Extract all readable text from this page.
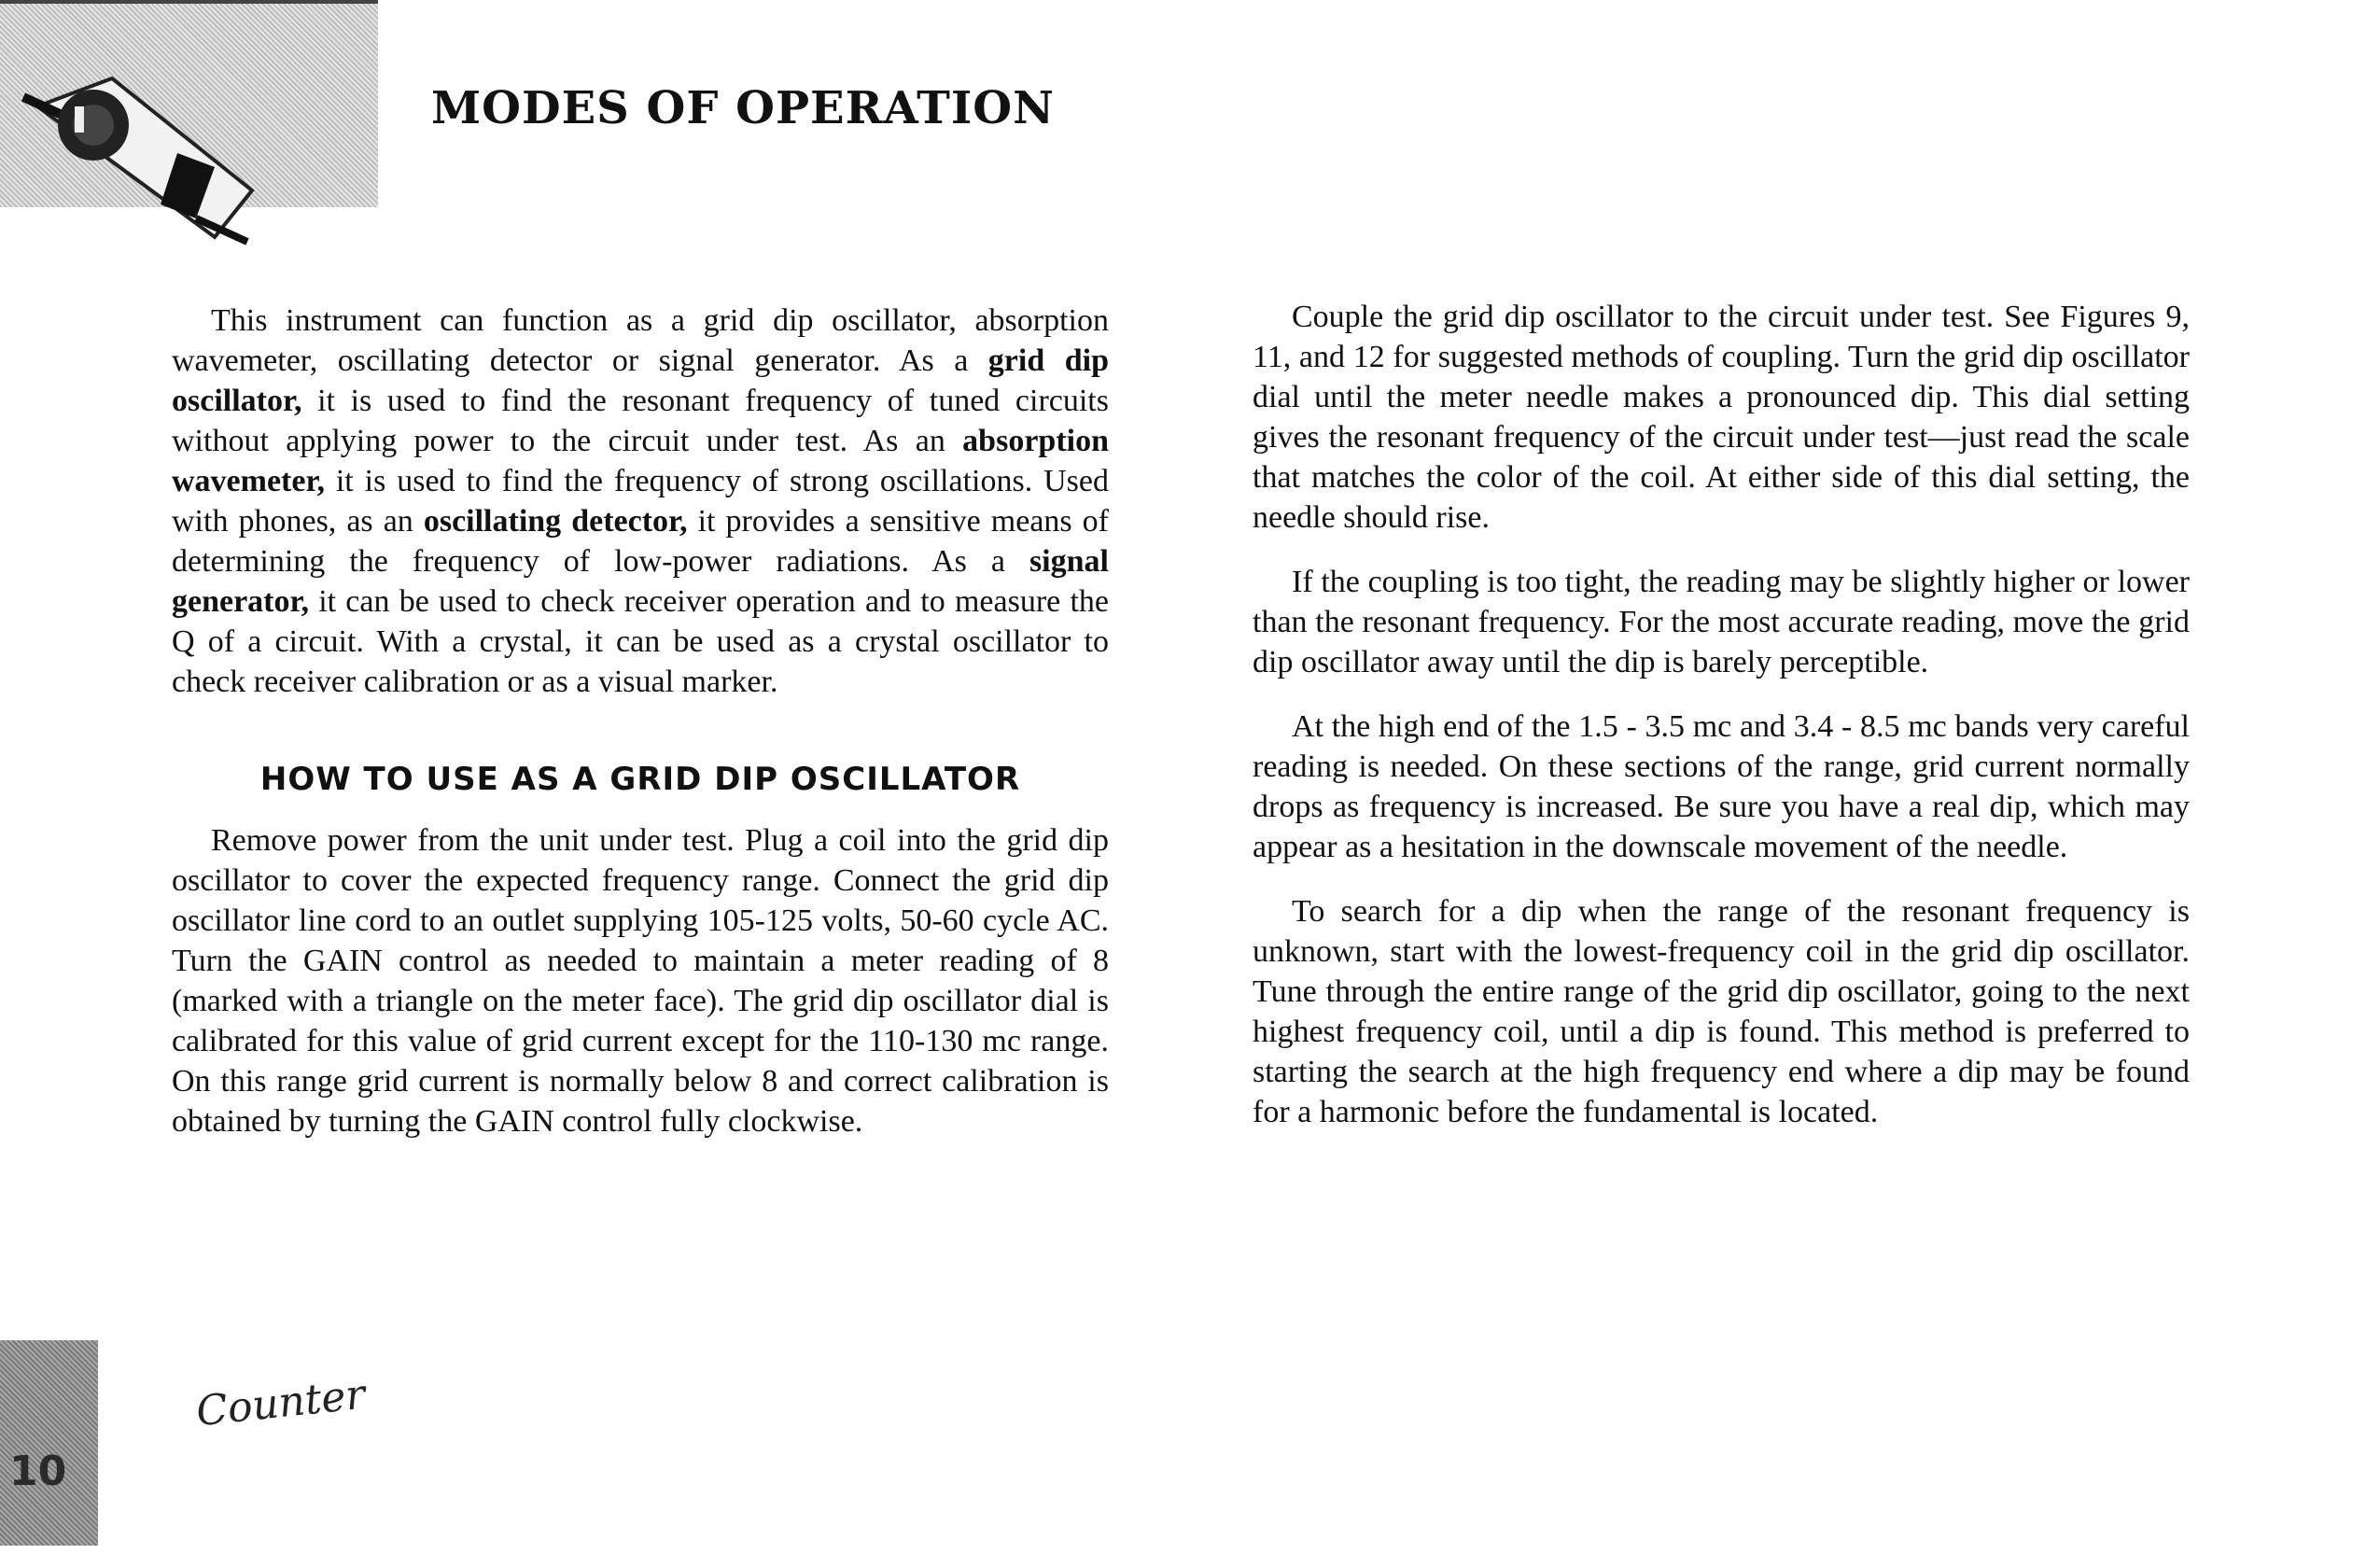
MODES OF OPERATION

This instrument can function as a grid dip oscillator, absorption wavemeter, oscillating detector or signal generator. As a grid dip oscillator, it is used to find the resonant frequency of tuned circuits without applying power to the circuit under test. As an absorption wavemeter, it is used to find the frequency of strong oscillations. Used with phones, as an oscillating detector, it provides a sensitive means of determining the frequency of low-power radiations. As a signal generator, it can be used to check receiver operation and to measure the Q of a circuit. With a crystal, it can be used as a crystal oscillator to check receiver calibration or as a visual marker.

HOW TO USE AS A GRID DIP OSCILLATOR

Remove power from the unit under test. Plug a coil into the grid dip oscillator to cover the expected frequency range. Connect the grid dip oscillator line cord to an outlet supplying 105-125 volts, 50-60 cycle AC. Turn the GAIN control as needed to maintain a meter reading of 8 (marked with a triangle on the meter face). The grid dip oscillator dial is calibrated for this value of grid current except for the 110-130 mc range. On this range grid current is normally below 8 and correct calibration is obtained by turning the GAIN control fully clockwise.

Counter

Couple the grid dip oscillator to the circuit under test. See Figures 9, 11, and 12 for suggested methods of coupling. Turn the grid dip oscillator dial until the meter needle makes a pronounced dip. This dial setting gives the resonant frequency of the circuit under test—just read the scale that matches the color of the coil. At either side of this dial setting, the needle should rise.

If the coupling is too tight, the reading may be slightly higher or lower than the resonant frequency. For the most accurate reading, move the grid dip oscillator away until the dip is barely perceptible.

At the high end of the 1.5 - 3.5 mc and 3.4 - 8.5 mc bands very careful reading is needed. On these sections of the range, grid current normally drops as frequency is increased. Be sure you have a real dip, which may appear as a hesitation in the downscale movement of the needle.

To search for a dip when the range of the resonant frequency is unknown, start with the lowest-frequency coil in the grid dip oscillator. Tune through the entire range of the grid dip oscillator, going to the next highest frequency coil, until a dip is found. This method is preferred to starting the search at the high frequency end where a dip may be found for a harmonic before the fundamental is located.

10
